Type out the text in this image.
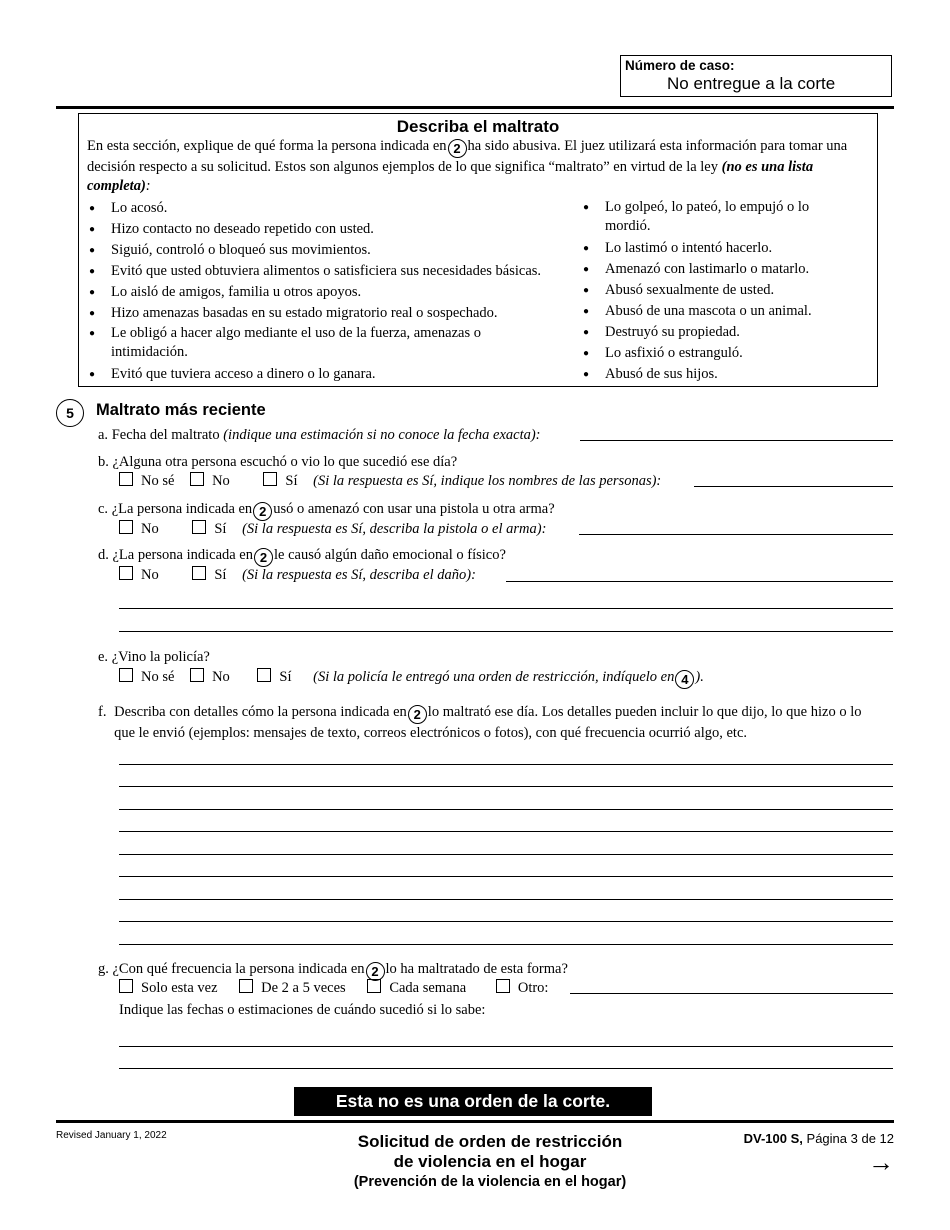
Número de caso:
No entregue a la corte
Describa el maltrato
En esta sección, explique de qué forma la persona indicada en 2 ha sido abusiva. El juez utilizará esta información para tomar una decisión respecto a su solicitud. Estos son algunos ejemplos de lo que significa “maltrato” en virtud de la ley (no es una lista completa):
● Lo acosó.
● Hizo contacto no deseado repetido con usted.
● Siguió, controló o bloqueó sus movimientos.
● Evitó que usted obtuviera alimentos o satisficiera sus necesidades básicas.
● Lo aisló de amigos, familia u otros apoyos.
● Hizo amenazas basadas en su estado migratorio real o sospechado.
● Le obligó a hacer algo mediante el uso de la fuerza, amenazas o intimidación.
● Evitó que tuviera acceso a dinero o lo ganara.
● Lo golpeó, lo pateó, lo empujó o lo mordió.
● Lo lastimó o intentó hacerlo.
● Amenazó con lastimarlo o matarlo.
● Abusó sexualmente de usted.
● Abusó de una mascota o un animal.
● Destruyó su propiedad.
● Lo asfixió o estranguló.
● Abusó de sus hijos.
5	Maltrato más reciente
a. Fecha del maltrato (indique una estimación si no conoce la fecha exacta):
b. ¿Alguna otra persona escuchó o vio lo que sucedió ese día?
No sé	No	Sí (Si la respuesta es Sí, indique los nombres de las personas):
c. ¿La persona indicada en 2 usó o amenazó con usar una pistola u otra arma?
No	Sí (Si la respuesta es Sí, describa la pistola o el arma):
d. ¿La persona indicada en 2 le causó algún daño emocional o físico?
No	Sí (Si la respuesta es Sí, describa el daño):
e. ¿Vino la policía?
No sé	No	Sí (Si la policía le entregó una orden de restricción, indíquelo en 4 ).
f. Describa con detalles cómo la persona indicada en 2 lo maltrató ese día. Los detalles pueden incluir lo que dijo, lo que hizo o lo que le envió (ejemplos: mensajes de texto, correos electrónicos o fotos), con qué frecuencia ocurrió algo, etc.
g. ¿Con qué frecuencia la persona indicada en 2 lo ha maltratado de esta forma?
Solo esta vez	De 2 a 5 veces	Cada semana	Otro:
Indique las fechas o estimaciones de cuándo sucedió si lo sabe:
Esta no es una orden de la corte.
Revised January 1, 2022	Solicitud de orden de restricción
de violencia en el hogar
(Prevención de la violencia en el hogar)
DV-100 S, Página 3 de 12
→
